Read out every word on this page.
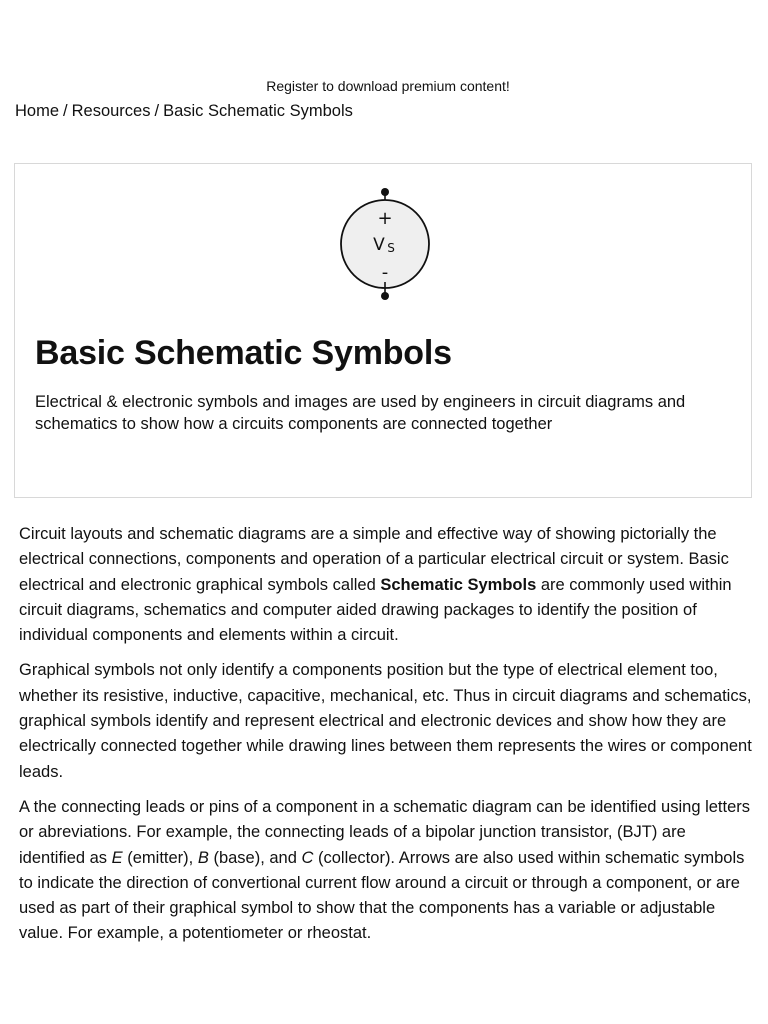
Register to download premium content!
Home / Resources / Basic Schematic Symbols
+
V S
-
Basic Schematic Symbols

Electrical & electronic symbols and images are used by engineers in circuit diagrams and schematics to show how a circuits components are connected together

Circuit layouts and schematic diagrams are a simple and effective way of showing pictorially the electrical connections, components and operation of a particular electrical circuit or system. Basic electrical and electronic graphical symbols called Schematic Symbols are commonly used within circuit diagrams, schematics and computer aided drawing packages to identify the position of individual components and elements within a circuit.

Graphical symbols not only identify a components position but the type of electrical element too, whether its resistive, inductive, capacitive, mechanical, etc. Thus in circuit diagrams and schematics, graphical symbols identify and represent electrical and electronic devices and show how they are electrically connected together while drawing lines between them represents the wires or component leads.

A the connecting leads or pins of a component in a schematic diagram can be identified using letters or abreviations. For example, the connecting leads of a bipolar junction transistor, (BJT) are identified as E (emitter), B (base), and C (collector). Arrows are also used within schematic symbols to indicate the direction of convertional current flow around a circuit or through a component, or are used as part of their graphical symbol to show that the components has a variable or adjustable value. For example, a potentiometer or rheostat.
